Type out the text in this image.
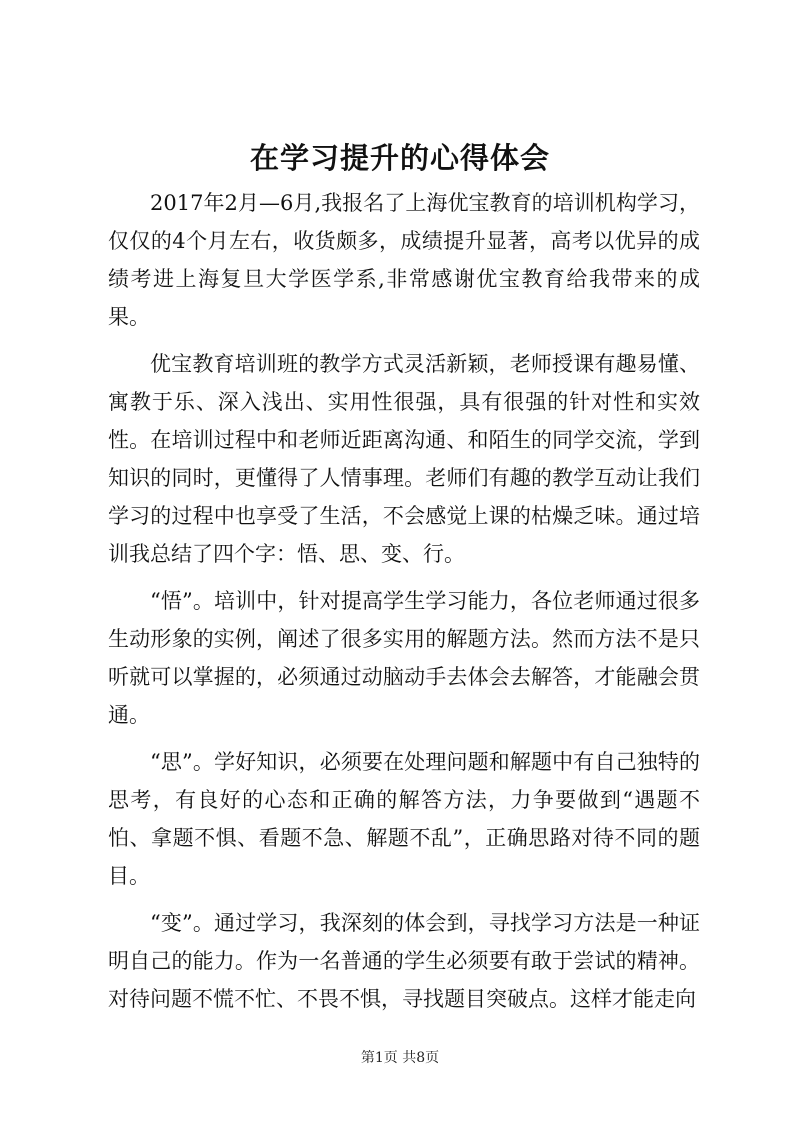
在学习提升的心得体会

2017年2月—6月,我报名了上海优宝教育的培训机构学习，仅仅的4个月左右，收货颇多，成绩提升显著，高考以优异的成绩考进上海复旦大学医学系,非常感谢优宝教育给我带来的成果。

优宝教育培训班的教学方式灵活新颖，老师授课有趣易懂、寓教于乐、深入浅出、实用性很强，具有很强的针对性和实效性。在培训过程中和老师近距离沟通、和陌生的同学交流，学到知识的同时，更懂得了人情事理。老师们有趣的教学互动让我们学习的过程中也享受了生活，不会感觉上课的枯燥乏味。通过培训我总结了四个字：悟、思、变、行。

“悟”。培训中，针对提高学生学习能力，各位老师通过很多生动形象的实例，阐述了很多实用的解题方法。然而方法不是只听就可以掌握的，必须通过动脑动手去体会去解答，才能融会贯通。

“思”。学好知识，必须要在处理问题和解题中有自己独特的思考，有良好的心态和正确的解答方法，力争要做到“遇题不怕、拿题不惧、看题不急、解题不乱”，正确思路对待不同的题目。

“变”。通过学习，我深刻的体会到，寻找学习方法是一种证明自己的能力。作为一名普通的学生必须要有敢于尝试的精神。对待问题不慌不忙、不畏不惧，寻找题目突破点。这样才能走向

第1页 共8页
